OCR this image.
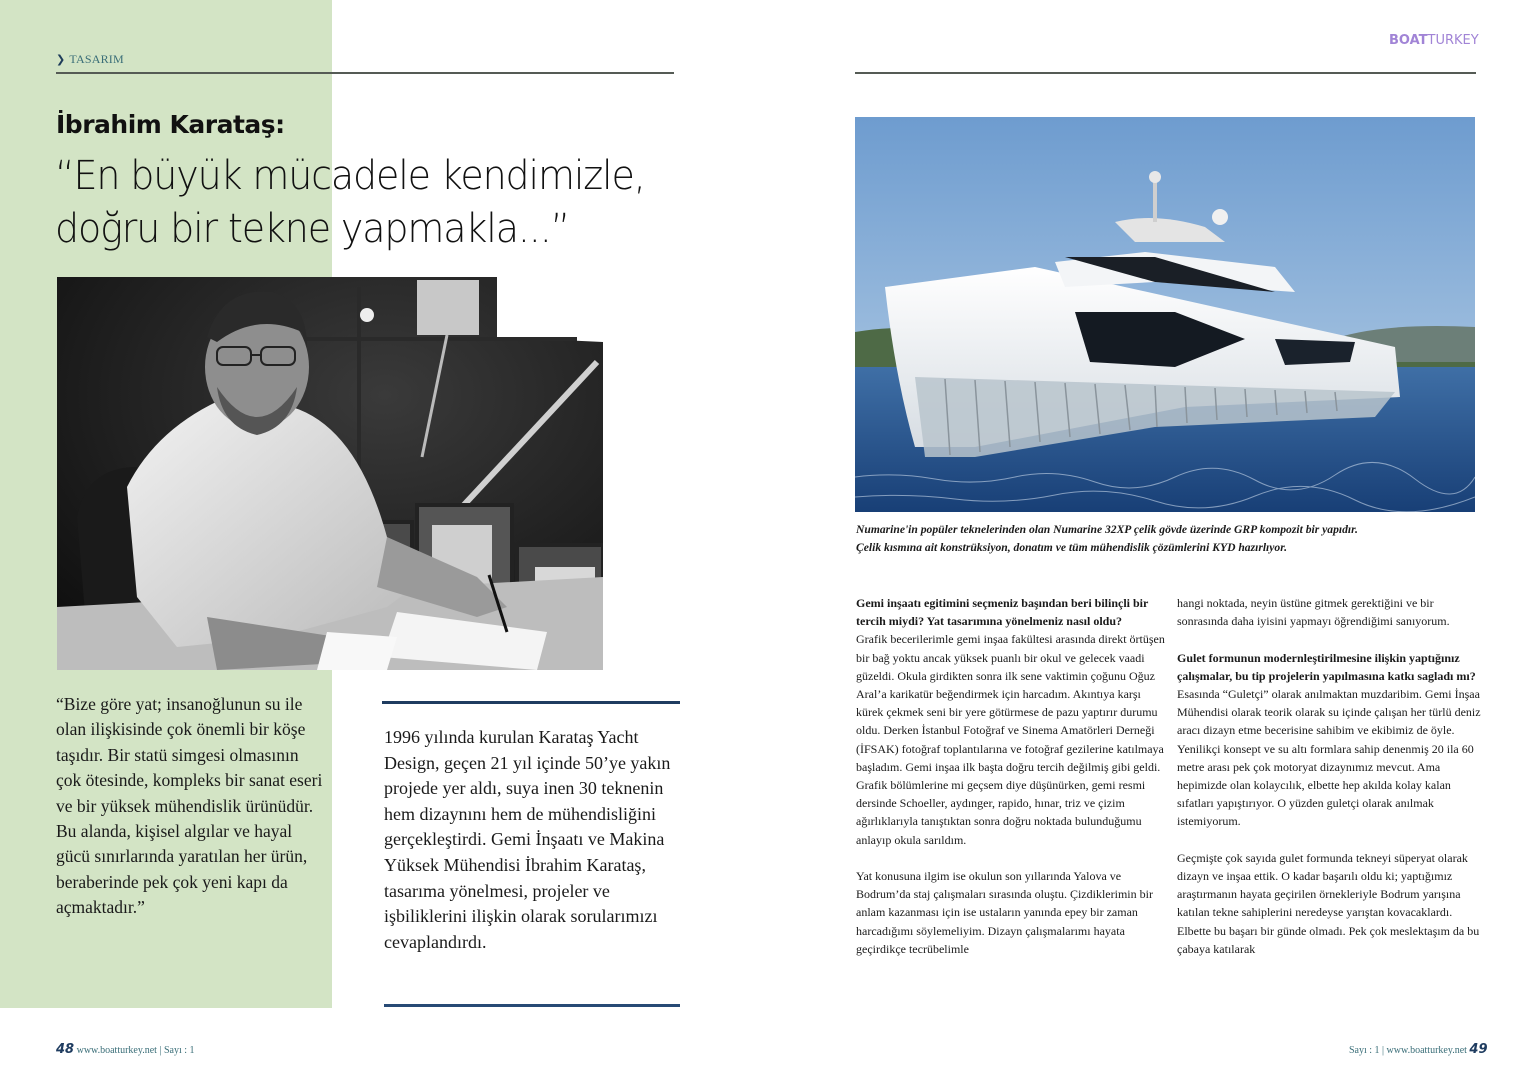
❯ TASARIM
BOATTURKEY
İbrahim Karataş:
“En büyük mücadele kendimizle,
doğru bir tekne yapmakla...”
Numarine'in popüler teknelerinden olan Numarine 32XP çelik gövde üzerinde GRP kompozit bir yapıdır.
Çelik kısmına ait konstrüksiyon, donatım ve tüm mühendislik çözümlerini KYD hazırlıyor.
“Bize göre yat; insanoğlunun su ile olan ilişkisinde çok önemli bir köşe taşıdır. Bir statü simgesi olmasının çok ötesinde, kompleks bir sanat eseri ve bir yüksek mühendislik ürünüdür. Bu alanda, kişisel algılar ve hayal gücü sınırlarında yaratılan her ürün, beraberinde pek çok yeni kapı da açmaktadır.”
1996 yılında kurulan Karataş Yacht Design, geçen 21 yıl içinde 50’ye yakın projede yer aldı, suya inen 30 teknenin hem dizaynını hem de mühendisliğini gerçekleştirdi. Gemi İnşaatı ve Makina Yüksek Mühendisi İbrahim Karataş, tasarıma yönelmesi, projeler ve işbiliklerini ilişkin olarak sorularımızı cevaplandırdı.
Gemi inşaatı egitimini seçmeniz başından beri bilinçli bir tercih miydi? Yat tasarımına yönelmeniz nasıl oldu?

Grafik becerilerimle gemi inşaa fakültesi arasında direkt örtüşen bir bağ yoktu ancak yüksek puanlı bir okul ve gelecek vaadi güzeldi. Okula girdikten sonra ilk sene vaktimin çoğunu Oğuz Aral’a karikatür beğendirmek için harcadım. Akıntıya karşı kürek çekmek seni bir yere götürmese de pazu yaptırır durumu oldu. Derken İstanbul Fotoğraf ve Sinema Amatörleri Derneği (İFSAK) fotoğraf toplantılarına ve fotoğraf gezilerine katılmaya başladım. Gemi inşaa ilk başta doğru tercih değilmiş gibi geldi. Grafik bölümlerine mi geçsem diye düşünürken, gemi resmi dersinde Schoeller, aydınger, rapido, hınar, triz ve çizim ağırlıklarıyla tanıştıktan sonra doğru noktada bulunduğumu anlayıp okula sarıldım.

Yat konusuna ilgim ise okulun son yıllarında Yalova ve Bodrum’da staj çalışmaları sırasında oluştu. Çizdiklerimin bir anlam kazanması için ise ustaların yanında epey bir zaman harcadığımı söylemeliyim. Dizayn çalışmalarımı hayata geçirdikçe tecrübelimle

hangi noktada, neyin üstüne gitmek gerektiğini ve bir sonrasında daha iyisini yapmayı öğrendiğimi sanıyorum.

Gulet formunun modernleştirilmesine ilişkin yaptığınız çalışmalar, bu tip projelerin yapılmasına katkı sagladı mı?

Esasında “Guletçi” olarak anılmaktan muzdaribim. Gemi İnşaa Mühendisi olarak teorik olarak su içinde çalışan her türlü deniz aracı dizayn etme becerisine sahibim ve ekibimiz de öyle. Yenilikçi konsept ve su altı formlara sahip denenmiş 20 ila 60 metre arası pek çok motoryat dizaynımız mevcut. Ama hepimizde olan kolaycılık, elbette hep akılda kolay kalan sıfatları yapıştırıyor. O yüzden guletçi olarak anılmak istemiyorum.

Geçmişte çok sayıda gulet formunda tekneyi süperyat olarak dizayn ve inşaa ettik. O kadar başarılı oldu ki; yaptığımız araştırmanın hayata geçirilen örnekleriyle Bodrum yarışına katılan tekne sahiplerini neredeyse yarıştan kovacaklardı. Elbette bu başarı bir günde olmadı. Pek çok meslektaşım da bu çabaya katılarak

48 www.boatturkey.net | Sayı : 1	Sayı : 1 | www.boatturkey.net 49
